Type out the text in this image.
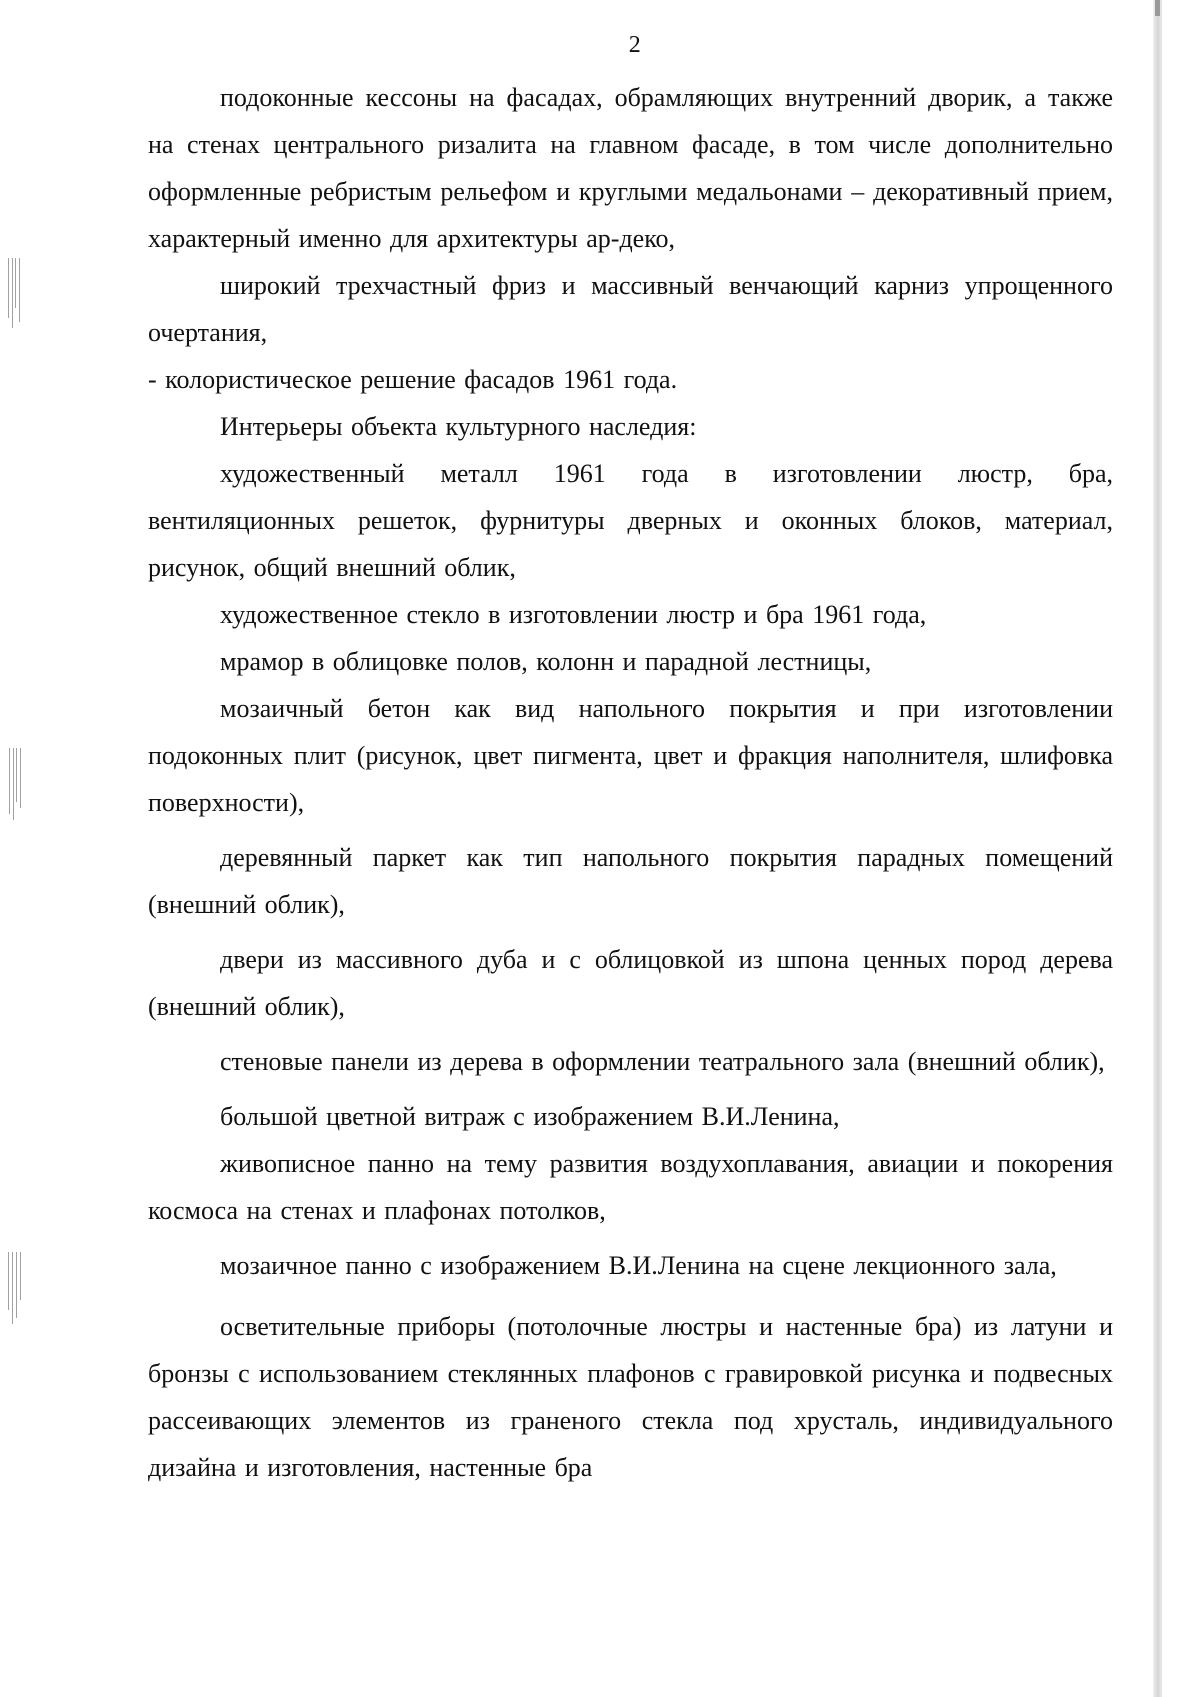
2

подоконные кессоны на фасадах, обрамляющих внутренний дворик, а также на стенах центрального ризалита на главном фасаде, в том числе дополнительно оформленные ребристым рельефом и круглыми медальонами – декоративный прием, характерный именно для архитектуры ар-деко,

широкий трехчастный фриз и массивный венчающий карниз упрощенного очертания,

- колористическое решение фасадов 1961 года.

Интерьеры объекта культурного наследия:

художественный металл 1961 года в изготовлении люстр, бра, вентиляционных решеток, фурнитуры дверных и оконных блоков, материал, рисунок, общий внешний облик,

художественное стекло в изготовлении люстр и бра 1961 года,

мрамор в облицовке полов, колонн и парадной лестницы,

мозаичный бетон как вид напольного покрытия и при изготовлении подоконных плит (рисунок, цвет пигмента, цвет и фракция наполнителя, шлифовка поверхности),

деревянный паркет как тип напольного покрытия парадных помещений (внешний облик),

двери из массивного дуба и с облицовкой из шпона ценных пород дерева (внешний облик),

стеновые панели из дерева в оформлении театрального зала (внешний облик),

большой цветной витраж с изображением В.И.Ленина,

живописное панно на тему развития воздухоплавания, авиации и покорения космоса на стенах и плафонах потолков,

мозаичное панно с изображением В.И.Ленина на сцене лекционного зала,

осветительные приборы (потолочные люстры и настенные бра) из латуни и бронзы с использованием стеклянных плафонов с гравировкой рисунка и подвесных рассеивающих элементов из граненого стекла под хрусталь, индивидуального дизайна и изготовления, настенные бра
